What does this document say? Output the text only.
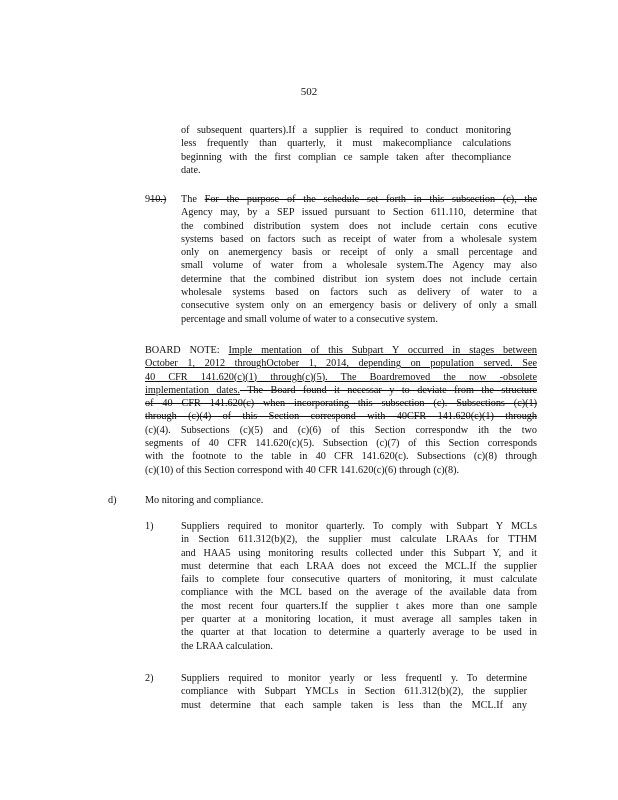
502
of subsequent quarters).If a supplier is required to conduct monitoring
less frequently than quarterly, it must makecompliance calculations
beginning with the first complian ce sample taken after thecompliance
date.
910.) The For the purpose of the schedule set forth in this subsection (c), the
Agency may, by a SEP issued pursuant to Section 611.110, determine that
the combined distribution system does not include certain cons ecutive
systems based on factors such as receipt of water from a wholesale system
only on anemergency basis or receipt of only a small percentage and
small volume of water from a wholesale system.The Agency may also
determine that the combined distribut ion system does not include certain
wholesale systems based on factors such as delivery of water to a
consecutive system only on an emergency basis or delivery of only a small
percentage and small volume of water to a consecutive system.
BOARD NOTE: Imple mentation of this Subpart Y occurred in stages between
October 1, 2012 throughOctober 1, 2014, depending on population served. See
40 CFR 141.620(c)(1) through(c)(5). The Boardremoved the now -obsolete
implementation dates. The Board found it necessar y to deviate from the structure
of 40 CFR 141.620(c) when incorporating this subsection (c). Subsections (c)(1)
through (c)(4) of this Section correspond with 40CFR 141.620(c)(1) through
(c)(4). Subsections (c)(5) and (c)(6) of this Section correspondw ith the two
segments of 40 CFR 141.620(c)(5). Subsection (c)(7) of this Section corresponds
with the footnote to the table in 40 CFR 141.620(c). Subsections (c)(8) through
(c)(10) of this Section correspond with 40 CFR 141.620(c)(6) through (c)(8).
d)	Mo nitoring and compliance.
1)	Suppliers required to monitor quarterly. To comply with Subpart Y MCLs
in Section 611.312(b)(2), the supplier must calculate LRAAs for TTHM
and HAA5 using monitoring results collected under this Subpart Y, and it
must determine that each LRAA does not exceed the MCL.If the supplier
fails to complete four consecutive quarters of monitoring, it must calculate
compliance with the MCL based on the average of the available data from
the most recent four quarters.If the supplier t akes more than one sample
per quarter at a monitoring location, it must average all samples taken in
the quarter at that location to determine a quarterly average to be used in
the LRAA calculation.
2)	Suppliers required to monitor yearly or less frequentl y. To determine
compliance with Subpart YMCLs in Section 611.312(b)(2), the supplier
must determine that each sample taken is less than the MCL.If any
